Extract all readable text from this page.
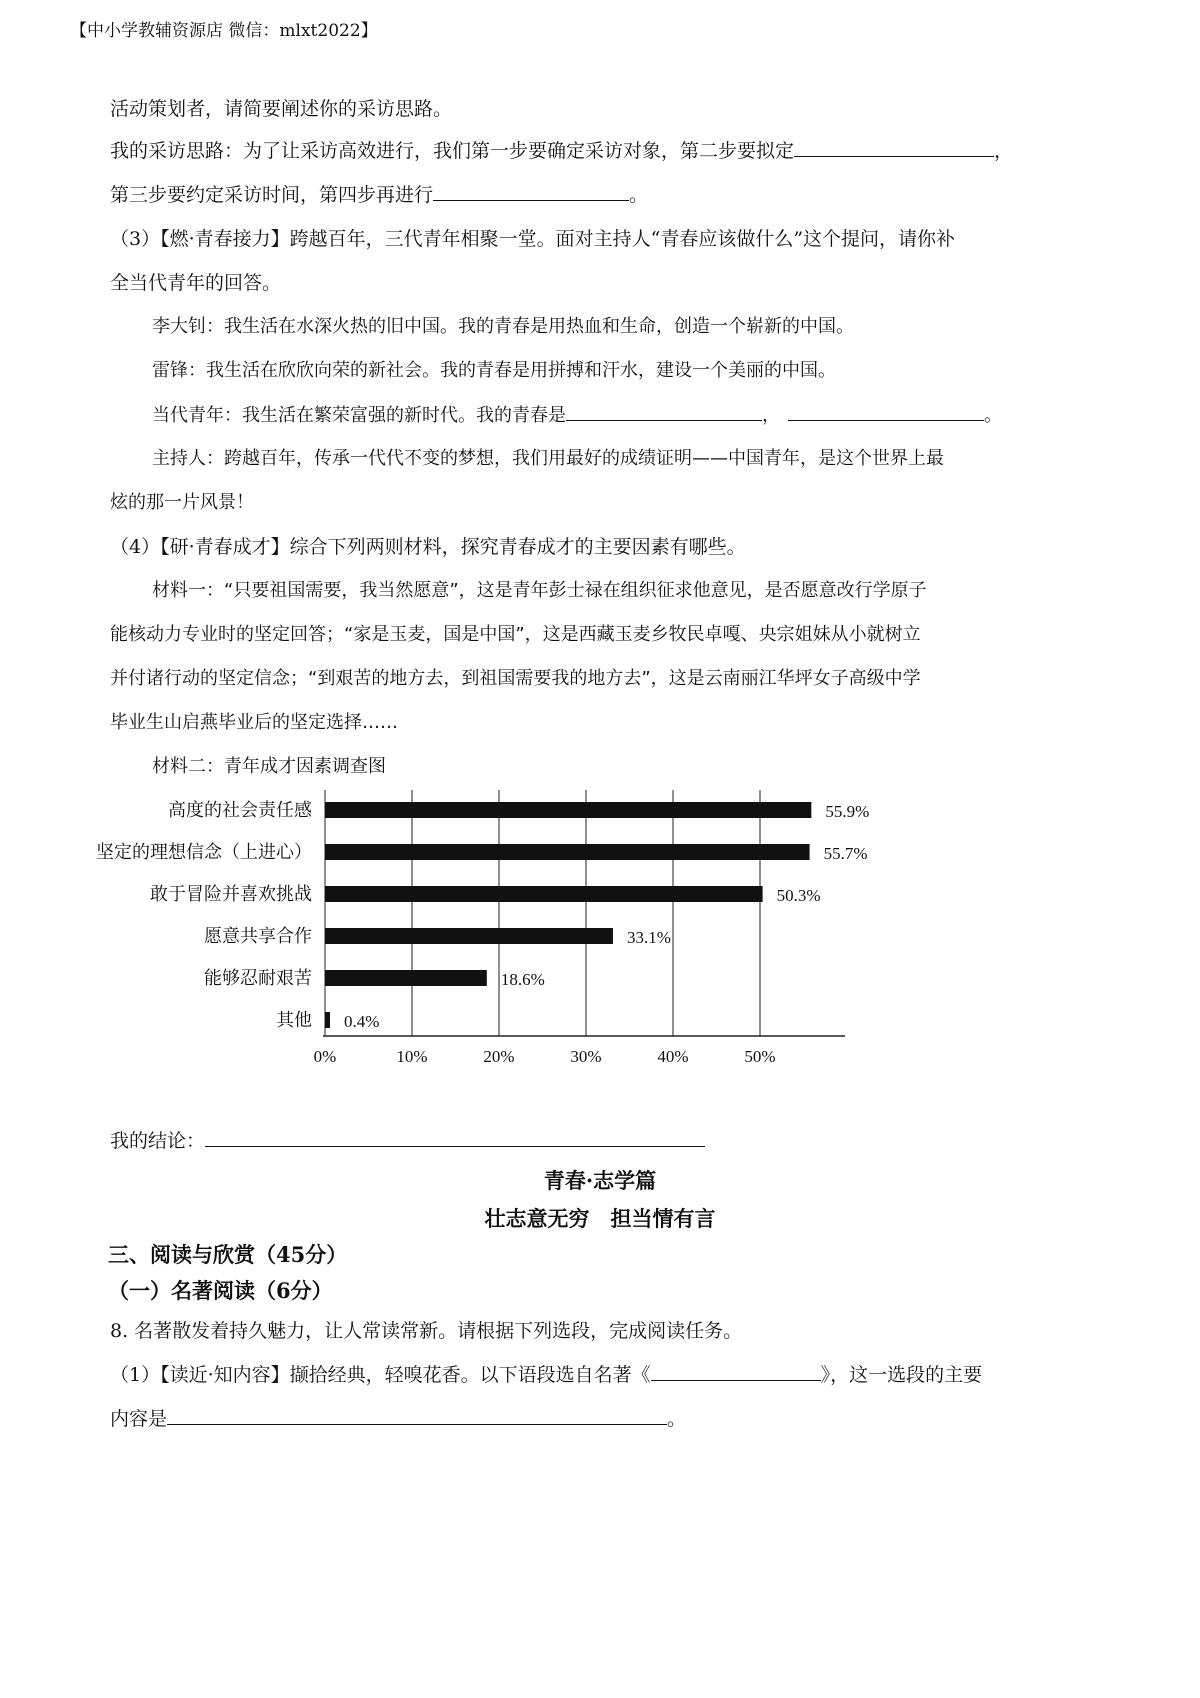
【中小学教辅资源店 微信：mlxt2022】
活动策划者，请简要阐述你的采访思路。
我的采访思路：为了让采访高效进行，我们第一步要确定采访对象，第二步要拟定	，
第三步要约定采访时间，第四步再进行	。
（3）【燃·青春接力】跨越百年，三代青年相聚一堂。面对主持人“青春应该做什么”这个提问，请你补
全当代青年的回答。
李大钊：我生活在水深火热的旧中国。我的青春是用热血和生命，创造一个崭新的中国。
雷锋：我生活在欣欣向荣的新社会。我的青春是用拼搏和汗水，建设一个美丽的中国。
当代青年：我生活在繁荣富强的新时代。我的青春是	，	。
主持人：跨越百年，传承一代代不变的梦想，我们用最好的成绩证明——中国青年，是这个世界上最
炫的那一片风景！
（4）【研·青春成才】综合下列两则材料，探究青春成才的主要因素有哪些。
材料一：“只要祖国需要，我当然愿意”，这是青年彭士禄在组织征求他意见，是否愿意改行学原子
能核动力专业时的坚定回答；“家是玉麦，国是中国”，这是西藏玉麦乡牧民卓嘎、央宗姐妹从小就树立
并付诸行动的坚定信念；“到艰苦的地方去，到祖国需要我的地方去”，这是云南丽江华坪女子高级中学
毕业生山启燕毕业后的坚定选择……
材料二：青年成才因素调查图
0%	10%	20%	30%	40%	50%
高度的社会责任感	55.9%
坚定的理想信念（上进心）	55.7%
敢于冒险并喜欢挑战	50.3%
愿意共享合作	33.1%
能够忍耐艰苦	18.6%
其他 0.4%
我的结论：
青春·志学篇
壮志意无穷　担当情有言
三、阅读与欣赏（45分）
（一）名著阅读（6分）
8. 名著散发着持久魅力，让人常读常新。请根据下列选段，完成阅读任务。
（1）【读近·知内容】撷拾经典，轻嗅花香。以下语段选自名著《	》，这一选段的主要
内容是	。
